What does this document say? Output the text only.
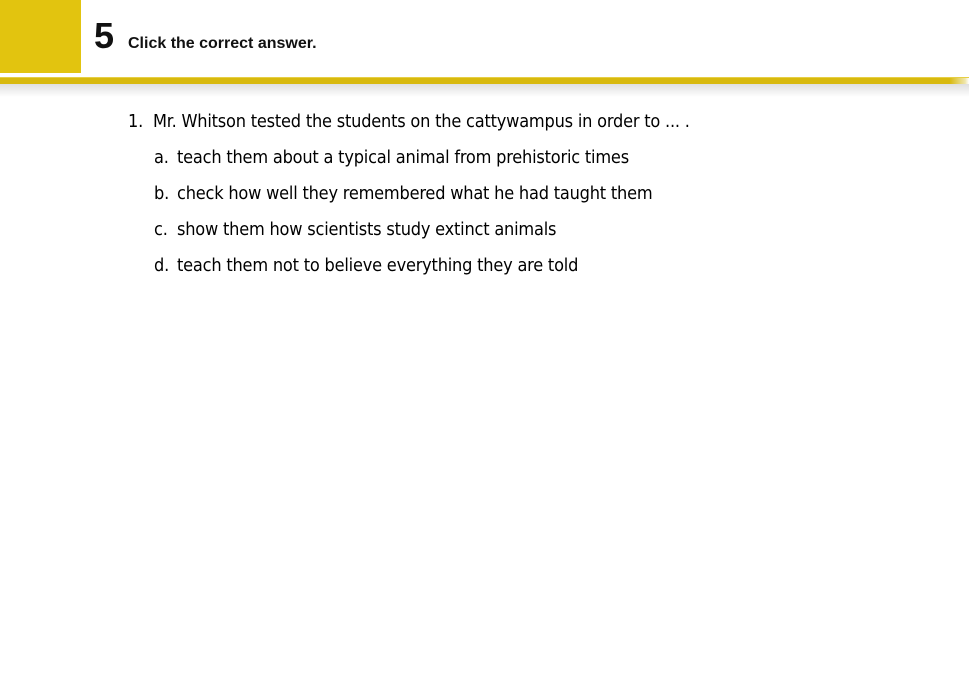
5 Click the correct answer.
1. Mr. Whitson tested the students on the cattywampus in order to ... .
a. teach them about a typical animal from prehistoric times
b. check how well they remembered what he had taught them
c. show them how scientists study extinct animals
d. teach them not to believe everything they are told
